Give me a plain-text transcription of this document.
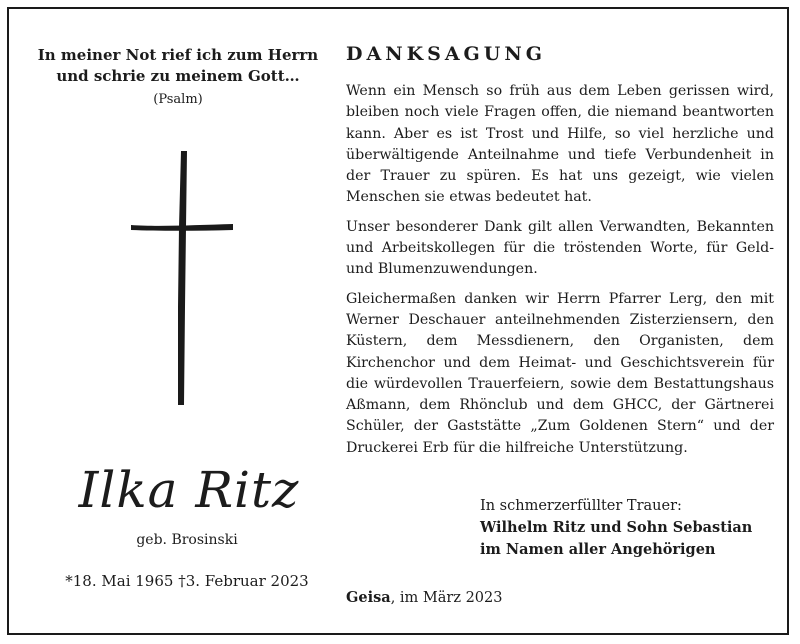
In meiner Not rief ich zum Herrn
und schrie zu meinem Gott…
(Psalm)
Ilka Ritz
geb. Brosinski
*18. Mai 1965 †3. Februar 2023
DANKSAGUNG

Wenn ein Mensch so früh aus dem Leben gerissen wird, bleiben noch viele Fragen offen, die niemand beantworten kann. Aber es ist Trost und Hilfe, so viel herzliche und überwältigende Anteilnahme und tiefe Verbundenheit in der Trauer zu spüren. Es hat uns gezeigt, wie vielen Menschen sie etwas bedeutet hat.

Unser besonderer Dank gilt allen Verwandten, Bekannten und Arbeitskollegen für die tröstenden Worte, für Geld- und Blumenzuwendungen.

Gleichermaßen danken wir Herrn Pfarrer Lerg, den mit Werner Deschauer anteilnehmenden Zisterziensern, den Küstern, dem Messdienern, den Organisten, dem Kirchenchor und dem Heimat- und Geschichtsverein für die würdevollen Trauerfeiern, sowie dem Bestattungshaus Aßmann, dem Rhönclub und dem GHCC, der Gärtnerei Schüler, der Gaststätte „Zum Goldenen Stern“ und der Druckerei Erb für die hilfreiche Unterstützung.

In schmerzerfüllter Trauer:
Wilhelm Ritz und Sohn Sebastian
im Namen aller Angehörigen
Geisa, im März 2023
